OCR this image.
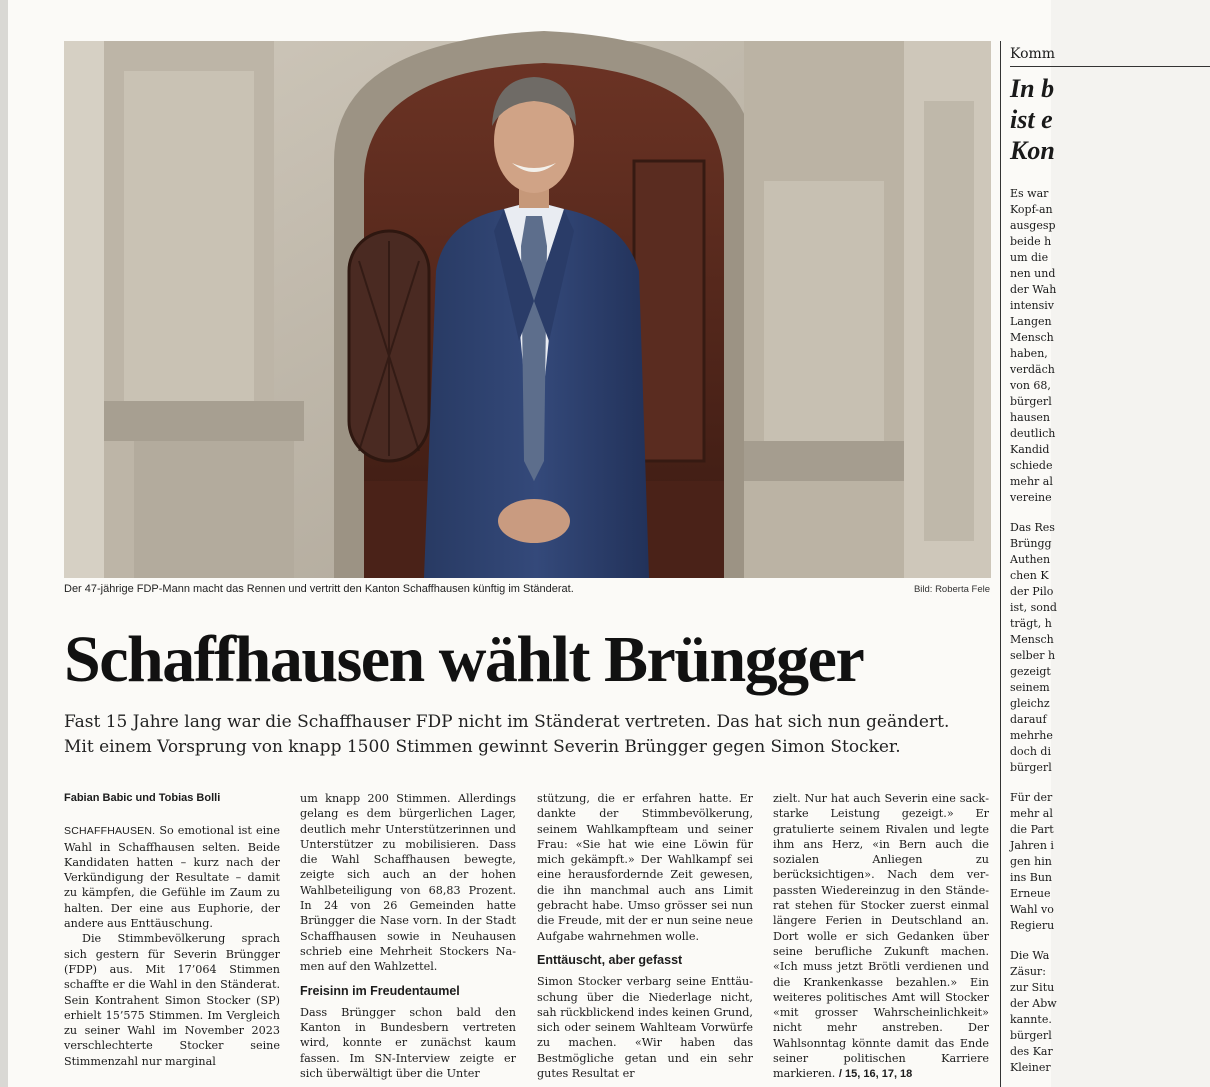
Der 47-jährige FDP-Mann macht das Rennen und vertritt den Kanton Schaffhausen künftig im Ständerat.	Bild: Roberta Fele
Schaffhausen wählt Brüngger

Fast 15 Jahre lang war die Schaffhauser FDP nicht im Ständerat vertreten. Das hat sich nun geändert.

Mit einem Vorsprung von knapp 1500 Stimmen gewinnt Severin Brüngger gegen Simon Stocker.

Fabian Babic und Tobias Bolli

SCHAFFHAUSEN. So emotional ist eine Wahl in Schaffhausen selten. Beide Kandidaten hatten – kurz nach der Verkündigung der Resultate – damit zu kämpfen, die Gefühle im Zaum zu halten. Der eine aus Euphorie, der andere aus Enttäuschung.

Die Stimmbevölkerung sprach sich gestern für Severin Brüngger (FDP) aus. Mit 17’064 Stimmen schaffte er die Wahl in den Ständerat. Sein Kontrahent Simon Stocker (SP) erhielt 15’575 Stimmen. Im Vergleich zu seiner Wahl im November 2023 verschlechterte Stocker seine Stimmenzahl nur marginal

um knapp 200 Stimmen. Allerdings gelang es dem bürgerlichen Lager, deutlich mehr Unterstützerinnen und Unterstützer zu mobilisieren. Dass die Wahl Schaffhausen bewegte, zeigte sich auch an der hohen Wahlbeteiligung von 68,83 Prozent. In 24 von 26 Gemeinden hatte Brüngger die Nase vorn. In der Stadt Schaffhausen sowie in Neuhausen schrieb eine Mehrheit Stockers Namen auf den Wahlzettel.

Freisinn im Freudentaumel

Dass Brüngger schon bald den Kanton in Bundesbern vertreten wird, konnte er zunächst kaum fassen. Im SN-Interview zeigte er sich überwältigt über die Unter

stützung, die er erfahren hatte. Er dankte der Stimmbevölkerung, seinem Wahlkampfteam und seiner Frau: «Sie hat wie eine Löwin für mich gekämpft.» Der Wahlkampf sei eine herausfordernde Zeit gewesen, die ihn manchmal auch ans Limit gebracht habe. Umso grösser sei nun die Freude, mit der er nun seine neue Aufgabe wahrnehmen wolle.

Enttäuscht, aber gefasst

Simon Stocker verbarg seine Enttäuschung über die Niederlage nicht, sah rückblickend indes keinen Grund, sich oder seinem Wahlteam Vorwürfe zu machen. «Wir haben das Bestmögliche getan und ein sehr gutes Resultat er

zielt. Nur hat auch Severin eine sackstarke Leistung gezeigt.» Er gratulierte seinem Rivalen und legte ihm ans Herz, «in Bern auch die sozialen Anliegen zu berücksichtigen». Nach dem verpassten Wiedereinzug in den Ständerat stehen für Stocker zuerst einmal längere Ferien in Deutschland an. Dort wolle er sich Gedanken über seine berufliche Zukunft machen. «Ich muss jetzt Brötli verdienen und die Krankenkasse bezahlen.» Ein weiteres politisches Amt will Stocker «mit grosser Wahrscheinlichkeit» nicht mehr anstreben. Der Wahlsonntag könnte damit das Ende seiner politischen Karriere markieren. / 15, 16, 17, 18

Komm
In b
ist e
Kon
Es war
Kopf-an
ausgesp
beide h
um die
nen und
der Wah
intensiv
Langen
Mensch
haben,
verdäch
von 68,
bürgerl
hausen
deutlich
Kandid
schiede
mehr al
vereine
Das Res
Brüngg
Authen
chen K
der Pilo
ist, sond
trägt, h
Mensch
selber h
gezeigt
seinem
gleichz
darauf
mehrhe
doch di
bürgerl
Für der
mehr al
die Part
Jahren i
gen hin
ins Bun
Erneue
Wahl vo
Regieru
Die Wa
Zäsur:
zur Situ
der Abw
kannte.
bürgerl
des Kar
Kleiner
